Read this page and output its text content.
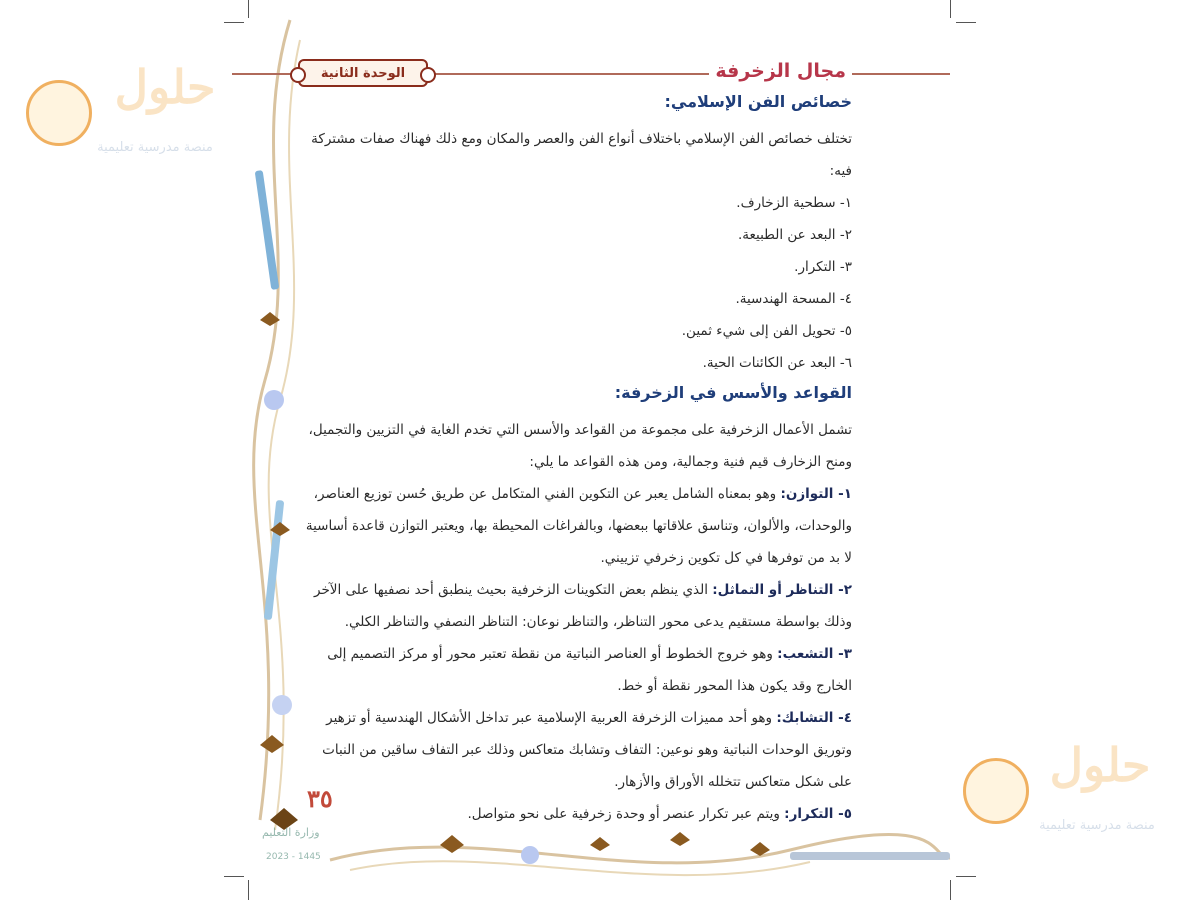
الوحدة الثانية	مجال الزخرفة
خصائص الفن الإسلامي:

تختلف خصائص الفن الإسلامي باختلاف أنواع الفن والعصر والمكان ومع ذلك فهناك صفات مشتركة فيه:

١- سطحية الزخارف.

٢- البعد عن الطبيعة.

٣- التكرار.

٤- المسحة الهندسية.

٥- تحويل الفن إلى شيء ثمين.

٦- البعد عن الكائنات الحية.

القواعد والأسس في الزخرفة:

تشمل الأعمال الزخرفية على مجموعة من القواعد والأسس التي تخدم الغاية في التزيين والتجميل، ومنح الزخارف قيم فنية وجمالية، ومن هذه القواعد ما يلي:

١- التوازن: وهو بمعناه الشامل يعبر عن التكوين الفني المتكامل عن طريق حُسن توزيع العناصر، والوحدات، والألوان، وتناسق علاقاتها ببعضها، وبالفراغات المحيطة بها، ويعتبر التوازن قاعدة أساسية لا بد من توفرها في كل تكوين زخرفي تزييني.

٢- التناظر أو التماثل: الذي ينظم بعض التكوينات الزخرفية بحيث ينطبق أحد نصفيها على الآخر وذلك بواسطة مستقيم يدعى محور التناظر، والتناظر نوعان: التناظر النصفي والتناظر الكلي.

٣- التشعب: وهو خروج الخطوط أو العناصر النباتية من نقطة تعتبر محور أو مركز التصميم إلى الخارج وقد يكون هذا المحور نقطة أو خط.

٤- التشابك: وهو أحد مميزات الزخرفة العربية الإسلامية عبر تداخل الأشكال الهندسية أو تزهير وتوريق الوحدات النباتية وهو نوعين: التفاف وتشابك متعاكس وذلك عبر التفاف ساقين من النبات على شكل متعاكس تتخلله الأوراق والأزهار.

٥- التكرار: ويتم عبر تكرار عنصر أو وحدة زخرفية على نحو متواصل.

حلول
منصة مدرسية تعليمية
حلول
منصة مدرسية تعليمية
٣٥
وزارة التعليم
2023 - 1445
